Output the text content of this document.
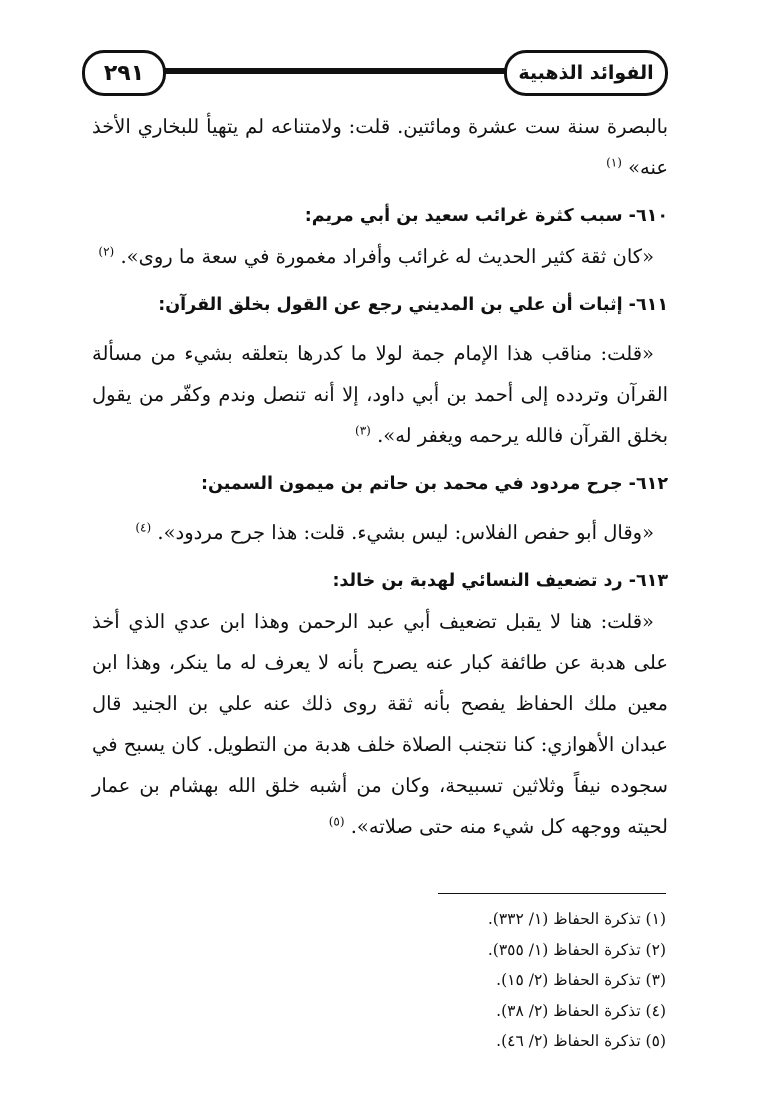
الفوائد الذهبية
٢٩١

بالبصرة سنة ست عشرة ومائتين. قلت: ولامتناعه لم يتهيأ للبخاري الأخذ

عنه» $^{(١)}$

٦١٠- سبب كثرة غرائب سعيد بن أبي مريم:

«كان ثقة كثير الحديث له غرائب وأفراد مغمورة في سعة ما روى». $^{(٢)}$

٦١١- إثبات أن علي بن المديني رجع عن القول بخلق القرآن:

«قلت: مناقب هذا الإمام جمة لولا ما كدرها بتعلقه بشيء من مسألة القرآن وتردده إلى أحمد بن أبي داود، إلا أنه تنصل وندم وكفّر من يقول بخلق القرآن فالله يرحمه ويغفر له». $^{(٣)}$

٦١٢- جرح مردود في محمد بن حاتم بن ميمون السمين:

«وقال أبو حفص الفلاس: ليس بشيء. قلت: هذا جرح مردود». $^{(٤)}$

٦١٣- رد تضعيف النسائي لهدبة بن خالد:

«قلت: هنا لا يقبل تضعيف أبي عبد الرحمن وهذا ابن عدي الذي أخذ على هدبة عن طائفة كبار عنه يصرح بأنه لا يعرف له ما ينكر، وهذا ابن معين ملك الحفاظ يفصح بأنه ثقة روى ذلك عنه علي بن الجنيد قال عبدان الأهوازي: كنا نتجنب الصلاة خلف هدبة من التطويل. كان يسبح في سجوده نيفاً وثلاثين تسبيحة، وكان من أشبه خلق الله بهشام بن عمار لحيته ووجهه كل شيء منه حتى صلاته». $^{(٥)}$

(١) تذكرة الحفاظ (١/ ٣٣٢).
(٢) تذكرة الحفاظ (١/ ٣٥٥).
(٣) تذكرة الحفاظ (٢/ ١٥).
(٤) تذكرة الحفاظ (٢/ ٣٨).
(٥) تذكرة الحفاظ (٢/ ٤٦).
